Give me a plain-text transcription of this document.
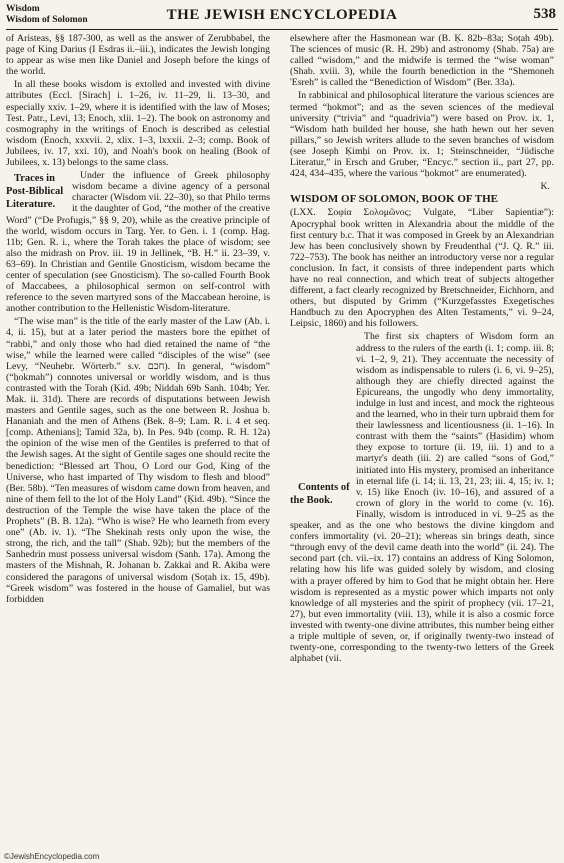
Wisdom
Wisdom of Solomon	THE JEWISH ENCYCLOPEDIA	538

of Aristeas, §§ 187-300, as well as the answer of Zerubbabel, the page of King Darius (I Esdras ii.–iii.), indicates the Jewish longing to appear as wise men like Daniel and Joseph before the kings of the world.

In all these books wisdom is extolled and invested with divine attributes (Eccl. [Sirach] i. 1–26, iv. 11–29, li. 13–30, and especially xxiv. 1–29, where it is identified with the law of Moses; Test. Patr., Levi, 13; Enoch, xlii. 1–2). The book on astronomy and cosmography in the writings of Enoch is described as celestial wisdom (Enoch, xxxvii. 2, xlix. 1–3, lxxxii. 2–3; comp. Book of Jubilees, iv. 17, xxi. 10), and Noah's book on healing (Book of Jubilees, x. 13) belongs to the same class.

Traces in Post-Biblical Literature.
Under the influence of Greek philosophy wisdom became a divine agency of a personal character (Wisdom vii. 22–30), so that Philo terms it the daughter of God, “the mother of the creative Word” (“De Profugis,” §§ 9, 20), while as the creative principle of the world, wisdom occurs in Targ. Yer. to Gen. i. 1 (comp. Ḥag. 11b; Gen. R. i., where the Torah takes the place of wisdom; see also the midrash on Prov. iii. 19 in Jellinek, “B. H.” ii. 23–39, v. 63–69). In Christian and Gentile Gnosticism, wisdom became the center of speculation (see Gnosticism). The so-called Fourth Book of Maccabees, a philosophical sermon on self-control with reference to the seven martyred sons of the Maccabean heroine, is another contribution to the Hellenistic Wisdom-literature.

“The wise man” is the title of the early master of the Law (Ab. i. 4, ii. 15), but at a later period the masters bore the epithet of “rabbi,” and only those who had died retained the name of “the wise,” while the learned were called “disciples of the wise” (see Levy, “Neuhebr. Wörterb.” s.v. חכם). In general, “wisdom” (“ḥokmah”) connotes universal or worldly wisdom, and is thus contrasted with the Torah (Ḳid. 49b; Niddah 69b Sanh. 104b; Yer. Mak. ii. 31d). There are records of disputations between Jewish masters and Gentile sages, such as the one between R. Joshua b. Hananiah and the men of Athens (Bek. 8–9; Lam. R. i. 4 et seq. [comp. Athenians]; Tamid 32a, b). In Pes. 94b (comp. R. H. 12a) the opinion of the wise men of the Gentiles is preferred to that of the Jewish sages. At the sight of Gentile sages one should recite the benediction: “Blessed art Thou, O Lord our God, King of the Universe, who hast imparted of Thy wisdom to flesh and blood” (Ber. 58b). “Ten measures of wisdom came down from heaven, and nine of them fell to the lot of the Holy Land” (Ḳid. 49b). “Since the destruction of the Temple the wise have taken the place of the Prophets” (B. B. 12a). “Who is wise? He who learneth from every one” (Ab. iv. 1). “The Shekinah rests only upon the wise, the strong, the rich, and the tall” (Shab. 92b); but the members of the Sanhedrin must possess universal wisdom (Sanh. 17a). Among the masters of the Mishnah, R. Johanan b. Zakkai and R. Akiba were considered the paragons of universal wisdom (Soṭah ix. 15, 49b). “Greek wisdom” was fostered in the house of Gamaliel, but was forbidden

elsewhere after the Hasmonean war (B. Ḳ. 82b–83a; Soṭah 49b). The sciences of music (R. H. 29b) and astronomy (Shab. 75a) are called “wisdom,” and the midwife is termed the “wise woman” (Shab. xviii. 3), while the fourth benediction in the “Shemoneh 'Esreh” is called the “Benediction of Wisdom” (Ber. 33a).

In rabbinical and philosophical literature the various sciences are termed “ḥokmot”; and as the seven sciences of the medieval university (“trivia” and “quadrivia”) were based on Prov. ix. 1, “Wisdom hath builded her house, she hath hewn out her seven pillars,” so Jewish writers allude to the seven branches of wisdom (see Joseph Ḳimḥi on Prov. ix. 1; Steinschneider, “Jüdische Literatur,” in Ersch and Gruber, “Encyc.” section ii., part 27, pp. 424, 434–435, where the various “ḥokmot” are enumerated).

K.

WISDOM OF SOLOMON, BOOK OF THE

(LXX. Σοφία Σολομῶνος; Vulgate, “Liber Sapientiæ”): Apocryphal book written in Alexandria about the middle of the first century b.c. That it was composed in Greek by an Alexandrian Jew has been conclusively shown by Freudenthal (“J. Q. R.” iii. 722–753). The book has neither an introductory verse nor a regular conclusion. In fact, it consists of three independent parts which have no real connection, and which treat of subjects altogether different, a fact clearly recognized by Bretschneider, Eichhorn, and others, but disputed by Grimm (“Kurzgefasstes Exegetisches Handbuch zu den Apocryphen des Alten Testaments,” vi. 9–24, Leipsic, 1860) and his followers.

Contents of the Book.
The first six chapters of Wisdom form an address to the rulers of the earth (i. 1; comp. iii. 8; vi. 1–2, 9, 21). They accentuate the necessity of wisdom as indispensable to rulers (i. 6, vi. 9–25), although they are chiefly directed against the Epicureans, the ungodly who deny immortality, indulge in lust and incest, and mock the righteous and the learned, who in their turn upbraid them for their lawlessness and licentiousness (ii. 1–16). In contrast with them the “saints” (Ḥasidim) whom they expose to torture (ii. 19, iii. 1) and to a martyr's death (iii. 2) are called “sons of God,” initiated into His mystery, promised an inheritance in eternal life (i. 14; ii. 13, 21, 23; iii. 4, 15; iv. 1; v. 15) like Enoch (iv. 10–16), and assured of a crown of glory in the world to come (v. 16). Finally, wisdom is introduced in vi. 9–25 as the speaker, and as the one who bestows the divine kingdom and confers immortality (vi. 20–21); whereas sin brings death, since “through envy of the devil came death into the world” (ii. 24). The second part (ch. vii.–ix. 17) contains an address of King Solomon, relating how his life was guided solely by wisdom, and closing with a prayer offered by him to God that he might obtain her. Here wisdom is represented as a mystic power which imparts not only knowledge of all mysteries and the spirit of prophecy (vii. 17–21, 27), but even immortality (viii. 13), while it is also a cosmic force invested with twenty-one divine attributes, this number being either a triple multiple of seven, or, if originally twenty-two instead of twenty-one, corresponding to the twenty-two letters of the Greek alphabet (vii.

©JewishEncyclopedia.com
